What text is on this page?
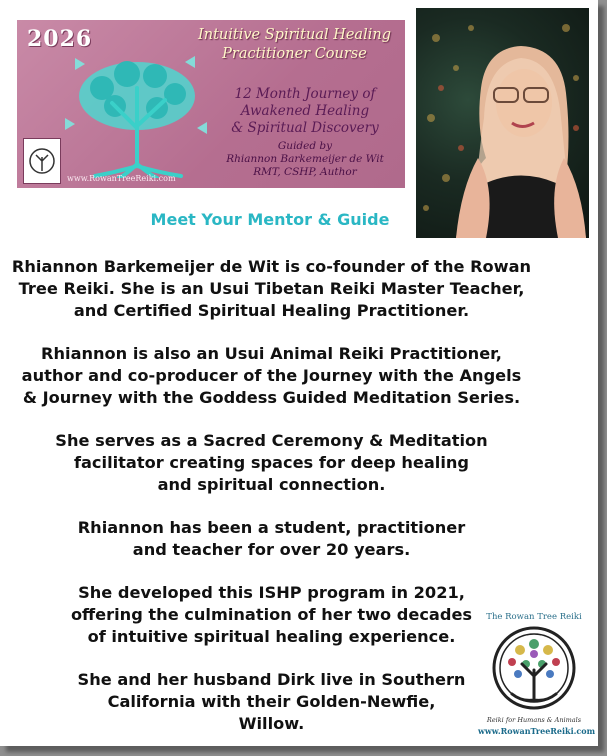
2026	Intuitive Spiritual Healing
Practitioner Course
12 Month Journey of
Awakened Healing
& Spiritual Discovery
Guided by
Rhiannon Barkemeijer de Wit
RMT, CSHP, Author
www.RowanTreeReiki.com
Meet Your Mentor & Guide

Rhiannon Barkemeijer de Wit is co-founder of the Rowan
Tree Reiki. She is an Usui Tibetan Reiki Master Teacher,
and Certified Spiritual Healing Practitioner.

Rhiannon is also an Usui Animal Reiki Practitioner,
author and co-producer of the Journey with the Angels
& Journey with the Goddess Guided Meditation Series.

She serves as a Sacred Ceremony & Meditation
facilitator creating spaces for deep healing
and spiritual connection.

Rhiannon has been a student, practitioner
and teacher for over 20 years.

She developed this ISHP program in 2021,
offering the culmination of her two decades
of intuitive spiritual healing experience.

She and her husband Dirk live in Southern
California with their Golden-Newfie,
Willow.

The Rowan Tree Reiki
Reiki for Humans & Animals
www.RowanTreeReiki.com
